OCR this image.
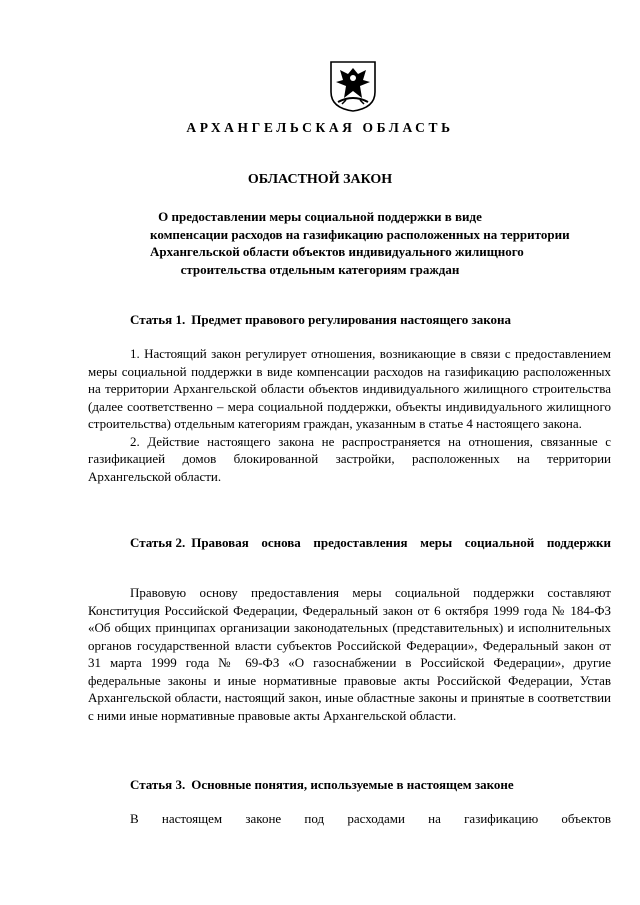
АРХАНГЕЛЬСКАЯ ОБЛАСТЬ
ОБЛАСТНОЙ ЗАКОН
О предоставлении меры социальной поддержки в виде
компенсации расходов на газификацию расположенных на территории
Архангельской области объектов индивидуального жилищного
строительства отдельным категориям граждан
Статья 1. Предмет правового регулирования настоящего закона

1. Настоящий закон регулирует отношения, возникающие в связи с предоставлением меры социальной поддержки в виде компенсации расходов на газификацию расположенных на территории Архангельской области объектов индивидуального жилищного строительства (далее соответственно – мера социальной поддержки, объекты индивидуального жилищного строительства) отдельным категориям граждан, указанным в статье 4 настоящего закона.

2. Действие настоящего закона не распространяется на отношения, связанные с газификацией домов блокированной застройки, расположенных на территории Архангельской области.

Статья 2. Правовая основа предоставления меры социальной поддержки

Правовую основу предоставления меры социальной поддержки составляют Конституция Российской Федерации, Федеральный закон от 6 октября 1999 года № 184-ФЗ «Об общих принципах организации законодательных (представительных) и исполнительных органов государственной власти субъектов Российской Федерации», Федеральный закон от 31 марта 1999 года № 69-ФЗ «О газоснабжении в Российской Федерации», другие федеральные законы и иные нормативные правовые акты Российской Федерации, Устав Архангельской области, настоящий закон, иные областные законы и принятые в соответствии с ними иные нормативные правовые акты Архангельской области.

Статья 3. Основные понятия, используемые в настоящем законе

В настоящем законе под расходами на газификацию объектов
